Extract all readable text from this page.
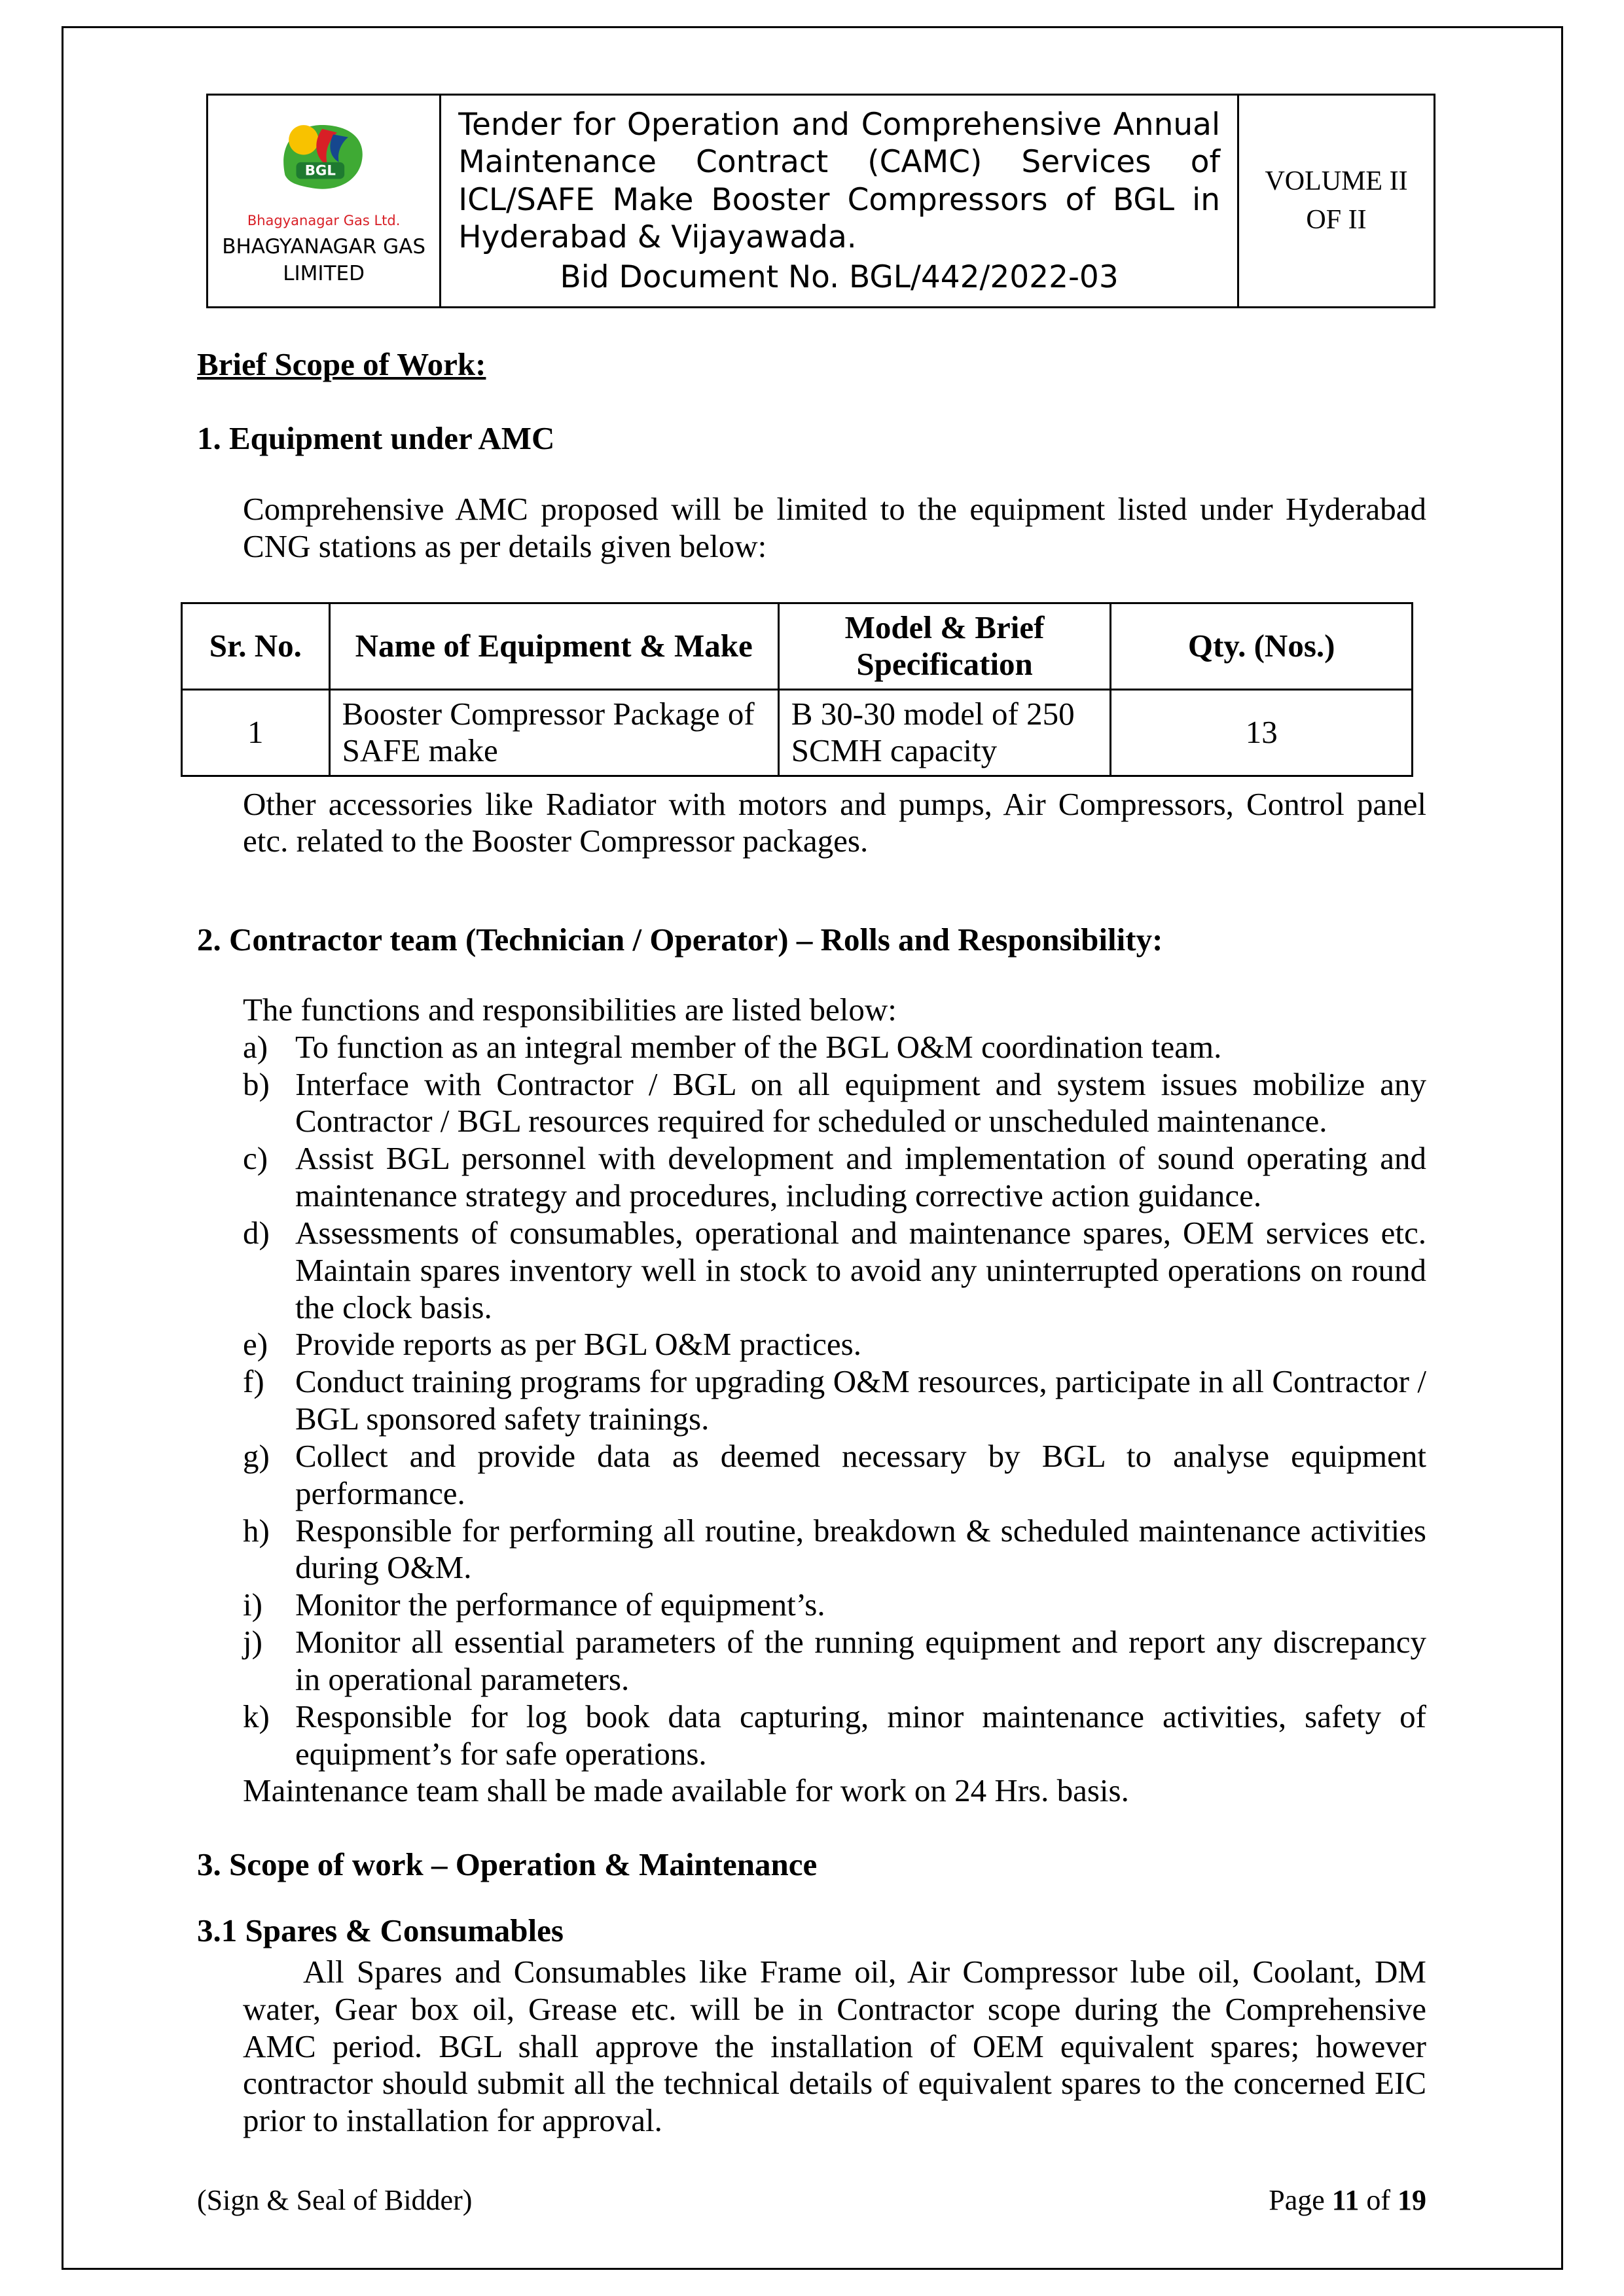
BGL
Bhagyanagar Gas Ltd.
BHAGYANAGAR GAS
LIMITED

Tender for Operation and Comprehensive Annual Maintenance Contract (CAMC) Services of ICL/SAFE Make Booster Compressors of BGL in Hyderabad & Vijayawada.
Bid Document No. BGL/442/2022-03

VOLUME II
OF II
Brief Scope of Work:
1. Equipment under AMC
Comprehensive AMC proposed will be limited to the equipment listed under Hyderabad CNG stations as per details given below:
Sr. No.	Name of Equipment & Make	Model & Brief Specification	Qty. (Nos.)
1	Booster Compressor Package of SAFE make	B 30-30 model of 250 SCMH capacity	13
Other accessories like Radiator with motors and pumps, Air Compressors, Control panel etc. related to the Booster Compressor packages.
2. Contractor team (Technician / Operator) – Rolls and Responsibility:
The functions and responsibilities are listed below:
a) To function as an integral member of the BGL O&M coordination team.
b) Interface with Contractor / BGL on all equipment and system issues mobilize any Contractor / BGL resources required for scheduled or unscheduled maintenance.
c) Assist BGL personnel with development and implementation of sound operating and maintenance strategy and procedures, including corrective action guidance.
d) Assessments of consumables, operational and maintenance spares, OEM services etc. Maintain spares inventory well in stock to avoid any uninterrupted operations on round the clock basis.
e) Provide reports as per BGL O&M practices.
f) Conduct training programs for upgrading O&M resources, participate in all Contractor / BGL sponsored safety trainings.
g) Collect and provide data as deemed necessary by BGL to analyse equipment performance.
h) Responsible for performing all routine, breakdown & scheduled maintenance activities during O&M.
i)	Monitor the performance of equipment’s.
j)	Monitor all essential parameters of the running equipment and report any discrepancy in operational parameters.
k) Responsible for log book data capturing, minor maintenance activities, safety of equipment’s for safe operations.
Maintenance team shall be made available for work on 24 Hrs. basis.
3. Scope of work – Operation & Maintenance
3.1 Spares & Consumables
All Spares and Consumables like Frame oil, Air Compressor lube oil, Coolant, DM water, Gear box oil, Grease etc. will be in Contractor scope during the Comprehensive AMC period. BGL shall approve the installation of OEM equivalent spares; however contractor should submit all the technical details of equivalent spares to the concerned EIC prior to installation for approval.
(Sign & Seal of Bidder)	Page 11 of 19
